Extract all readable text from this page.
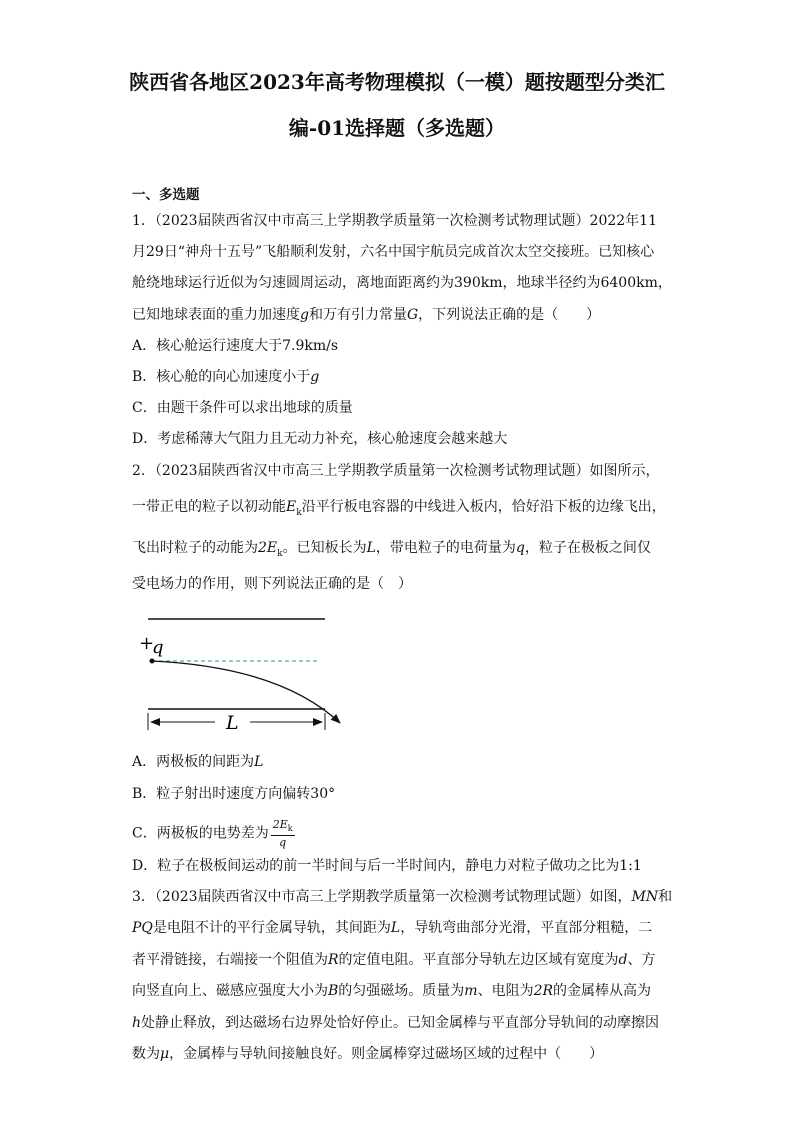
陕西省各地区2023年高考物理模拟（一模）题按题型分类汇
编-01选择题（多选题）
一、多选题
1．（2023届陕西省汉中市高三上学期教学质量第一次检测考试物理试题）2022年11
月29日“神舟十五号”飞船顺利发射，六名中国宇航员完成首次太空交接班。已知核心
舱绕地球运行近似为匀速圆周运动，离地面距离约为390km，地球半径约为6400km，
已知地球表面的重力加速度g和万有引力常量G，下列说法正确的是（　　）
A．核心舱运行速度大于7.9km/s
B．核心舱的向心加速度小于g
C．由题干条件可以求出地球的质量
D．考虑稀薄大气阻力且无动力补充，核心舱速度会越来越大
2．（2023届陕西省汉中市高三上学期教学质量第一次检测考试物理试题）如图所示，
一带正电的粒子以初动能$E_k$沿平行板电容器的中线进入板内，恰好沿下板的边缘飞出，
飞出时粒子的动能为$2E_k$。已知板长为L，带电粒子的电荷量为q，粒子在极板之间仅
受电场力的作用，则下列说法正确的是（　）
+
q
L
A．两极板的间距为L
B．粒子射出时速度方向偏转30°
C．两极板的电势差为 $\frac{2E_k}{q}$
D．粒子在极板间运动的前一半时间与后一半时间内，静电力对粒子做功之比为1:1
3．（2023届陕西省汉中市高三上学期教学质量第一次检测考试物理试题）如图，MN和
PQ是电阻不计的平行金属导轨，其间距为L，导轨弯曲部分光滑，平直部分粗糙，二
者平滑链接，右端接一个阻值为R的定值电阻。平直部分导轨左边区域有宽度为d、方
向竖直向上、磁感应强度大小为B的匀强磁场。质量为m、电阻为2R的金属棒从高为
h处静止释放，到达磁场右边界处恰好停止。已知金属棒与平直部分导轨间的动摩擦因
数为μ，金属棒与导轨间接触良好。则金属棒穿过磁场区域的过程中（　　）
